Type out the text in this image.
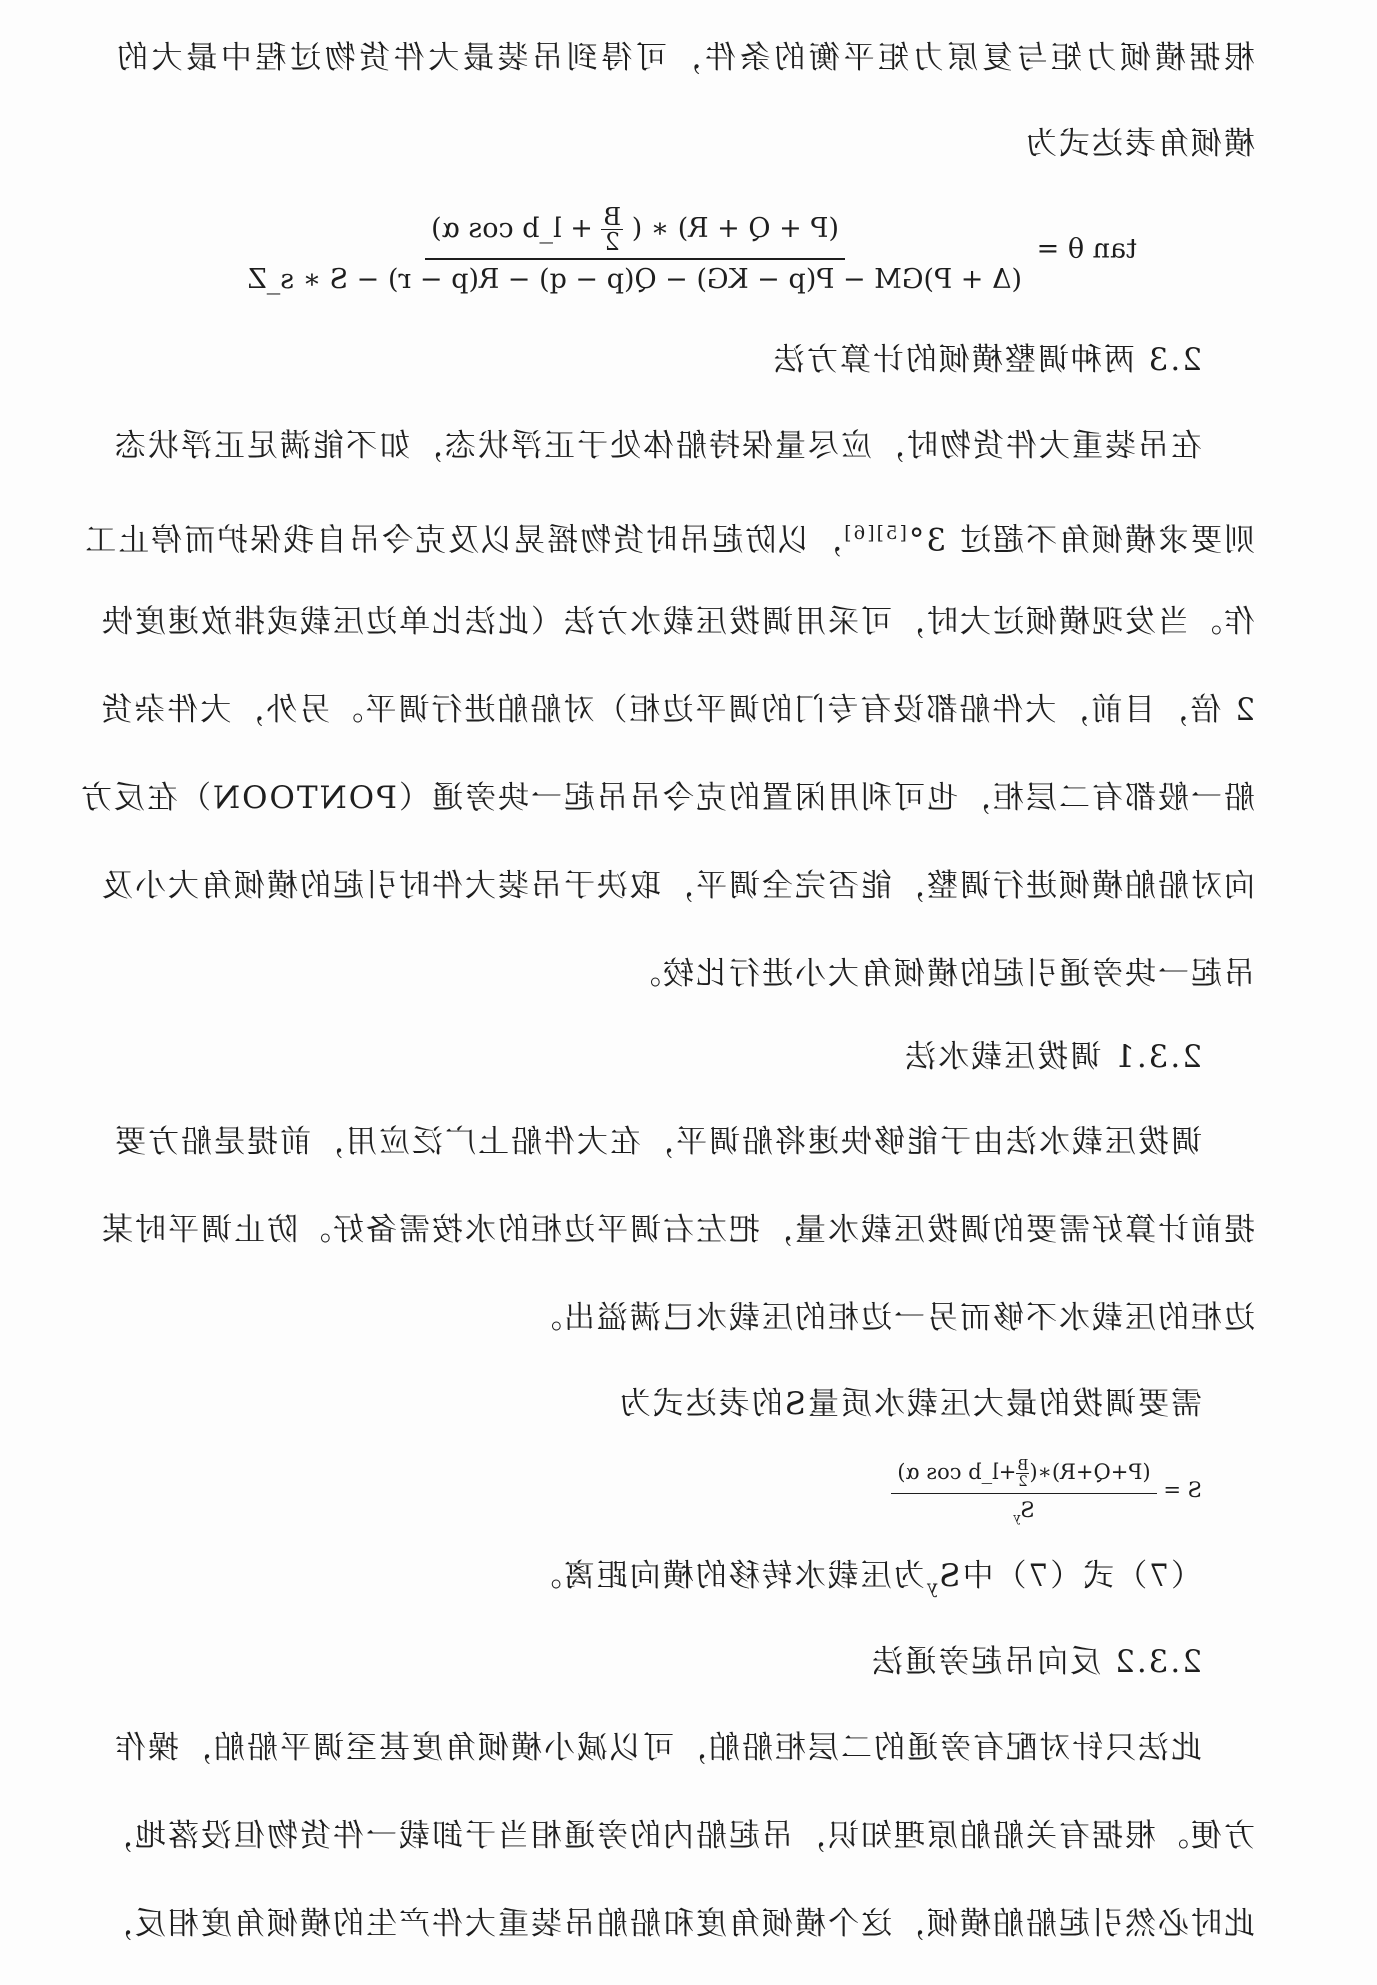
根据横倾力矩与复原力矩平衡的条件，可得到吊装最大件货物过程中最大的
横倾角表达式为
tan θ =
(P + Q + R) ∗ (
$\frac{B}{2}$
+ l_b cos α)
(Δ + P)GM − P(p − KG) − Q(p − q) − R(p − r) − S ∗ s_Z
2.3 两种调整横倾的计算方法
在吊装重大件货物时，应尽量保持船体处于正浮状态，如不能满足正浮状态
则要求横倾角不超过 3°[5][6]，以防起吊时货物摇晃以及克令吊自我保护而停止工
作。当发现横倾过大时，可采用调拨压载水方法（此法比单边压载或排放速度快
2 倍，目前，大件船都设有专门的调平边柜）对船舶进行调平。另外，大件杂货
船一般都有二层柜，也可利用闲置的克令吊吊起一块旁通（PONTOON）在反方
向对船舶横倾进行调整，能否完全调平，取决于吊装大件时引起的横倾角大小及
吊起一块旁通引起的横倾角大小进行比较。
2.3.1 调拨压载水法
调拨压载水法由于能够快速将船调平，在大件船上广泛应用，前提是船方要
提前计算好需要的调拨压载水量，把左右调平边柜的水按需备好。防止调平时某
边柜的压载水不够而另一边柜的压载水已满溢出。
需要调拨的最大压载水质量S的表达式为
S =
(P+Q+R)∗(
$\frac{B}{2}$
+l_b cos α)
$S_y$
（7）式（7）中$S_y$为压载水转移的横向距离。
2.3.2 反向吊起旁通法
此法只针对配有旁通的二层柜船舶，可以减小横倾角度甚至调平船舶，操作
方便。根据有关船舶原理知识，吊起船内的旁通相当于卸载一件货物但没落地，
此时必然引起船舶横倾，这个横倾角度和船舶吊装重大件产生的横倾角度相反，
